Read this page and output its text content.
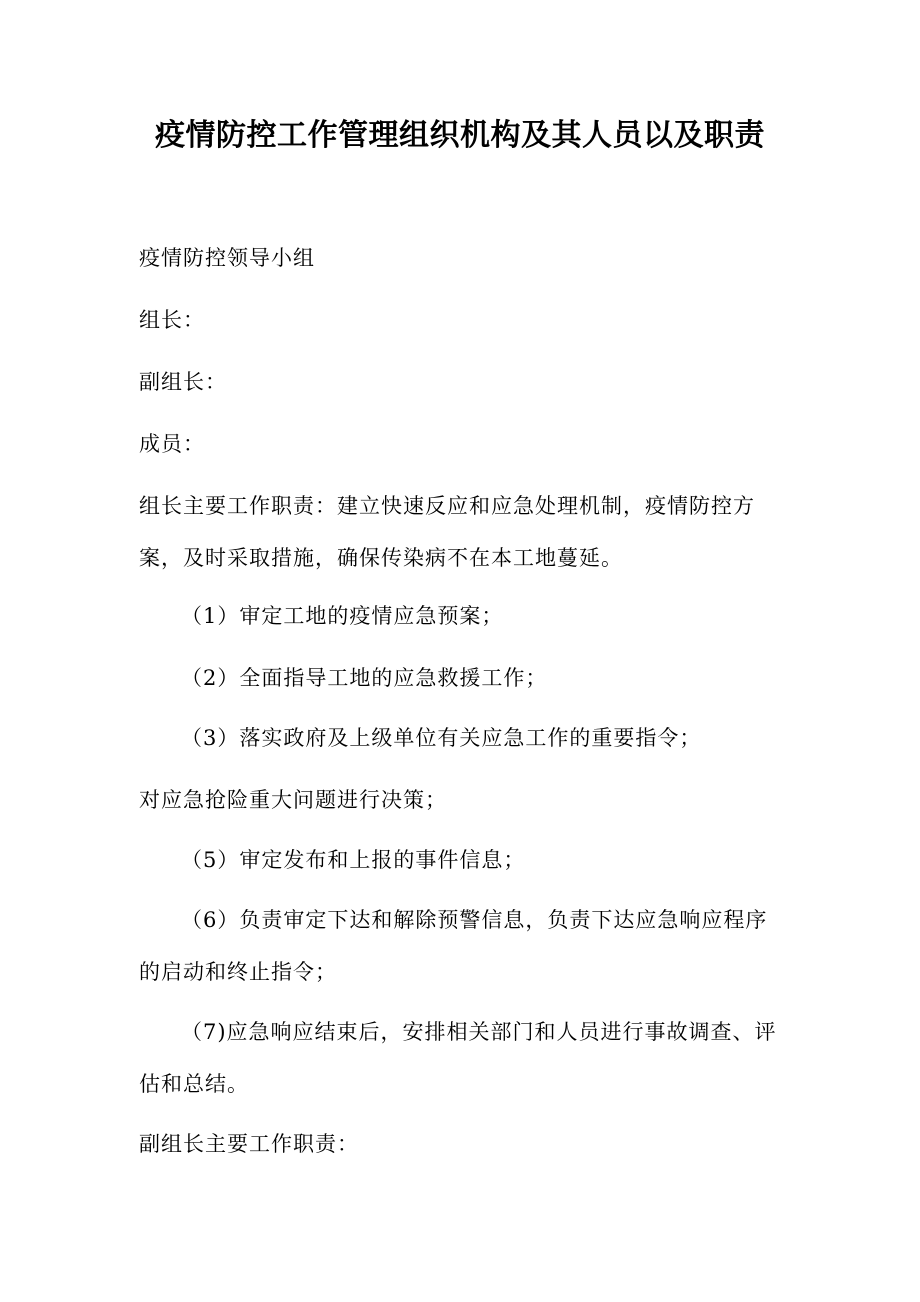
疫情防控工作管理组织机构及其人员以及职责

疫情防控领导小组

组长：

副组长：

成员：

组长主要工作职责：建立快速反应和应急处理机制，疫情防控方案，及时采取措施，确保传染病不在本工地蔓延。

（1）审定工地的疫情应急预案；

（2）全面指导工地的应急救援工作；

（3）落实政府及上级单位有关应急工作的重要指令；

对应急抢险重大问题进行决策；

（5）审定发布和上报的事件信息；

（6）负责审定下达和解除预警信息，负责下达应急响应程序的启动和终止指令；

（7)应急响应结束后，安排相关部门和人员进行事故调查、评估和总结。

副组长主要工作职责：
